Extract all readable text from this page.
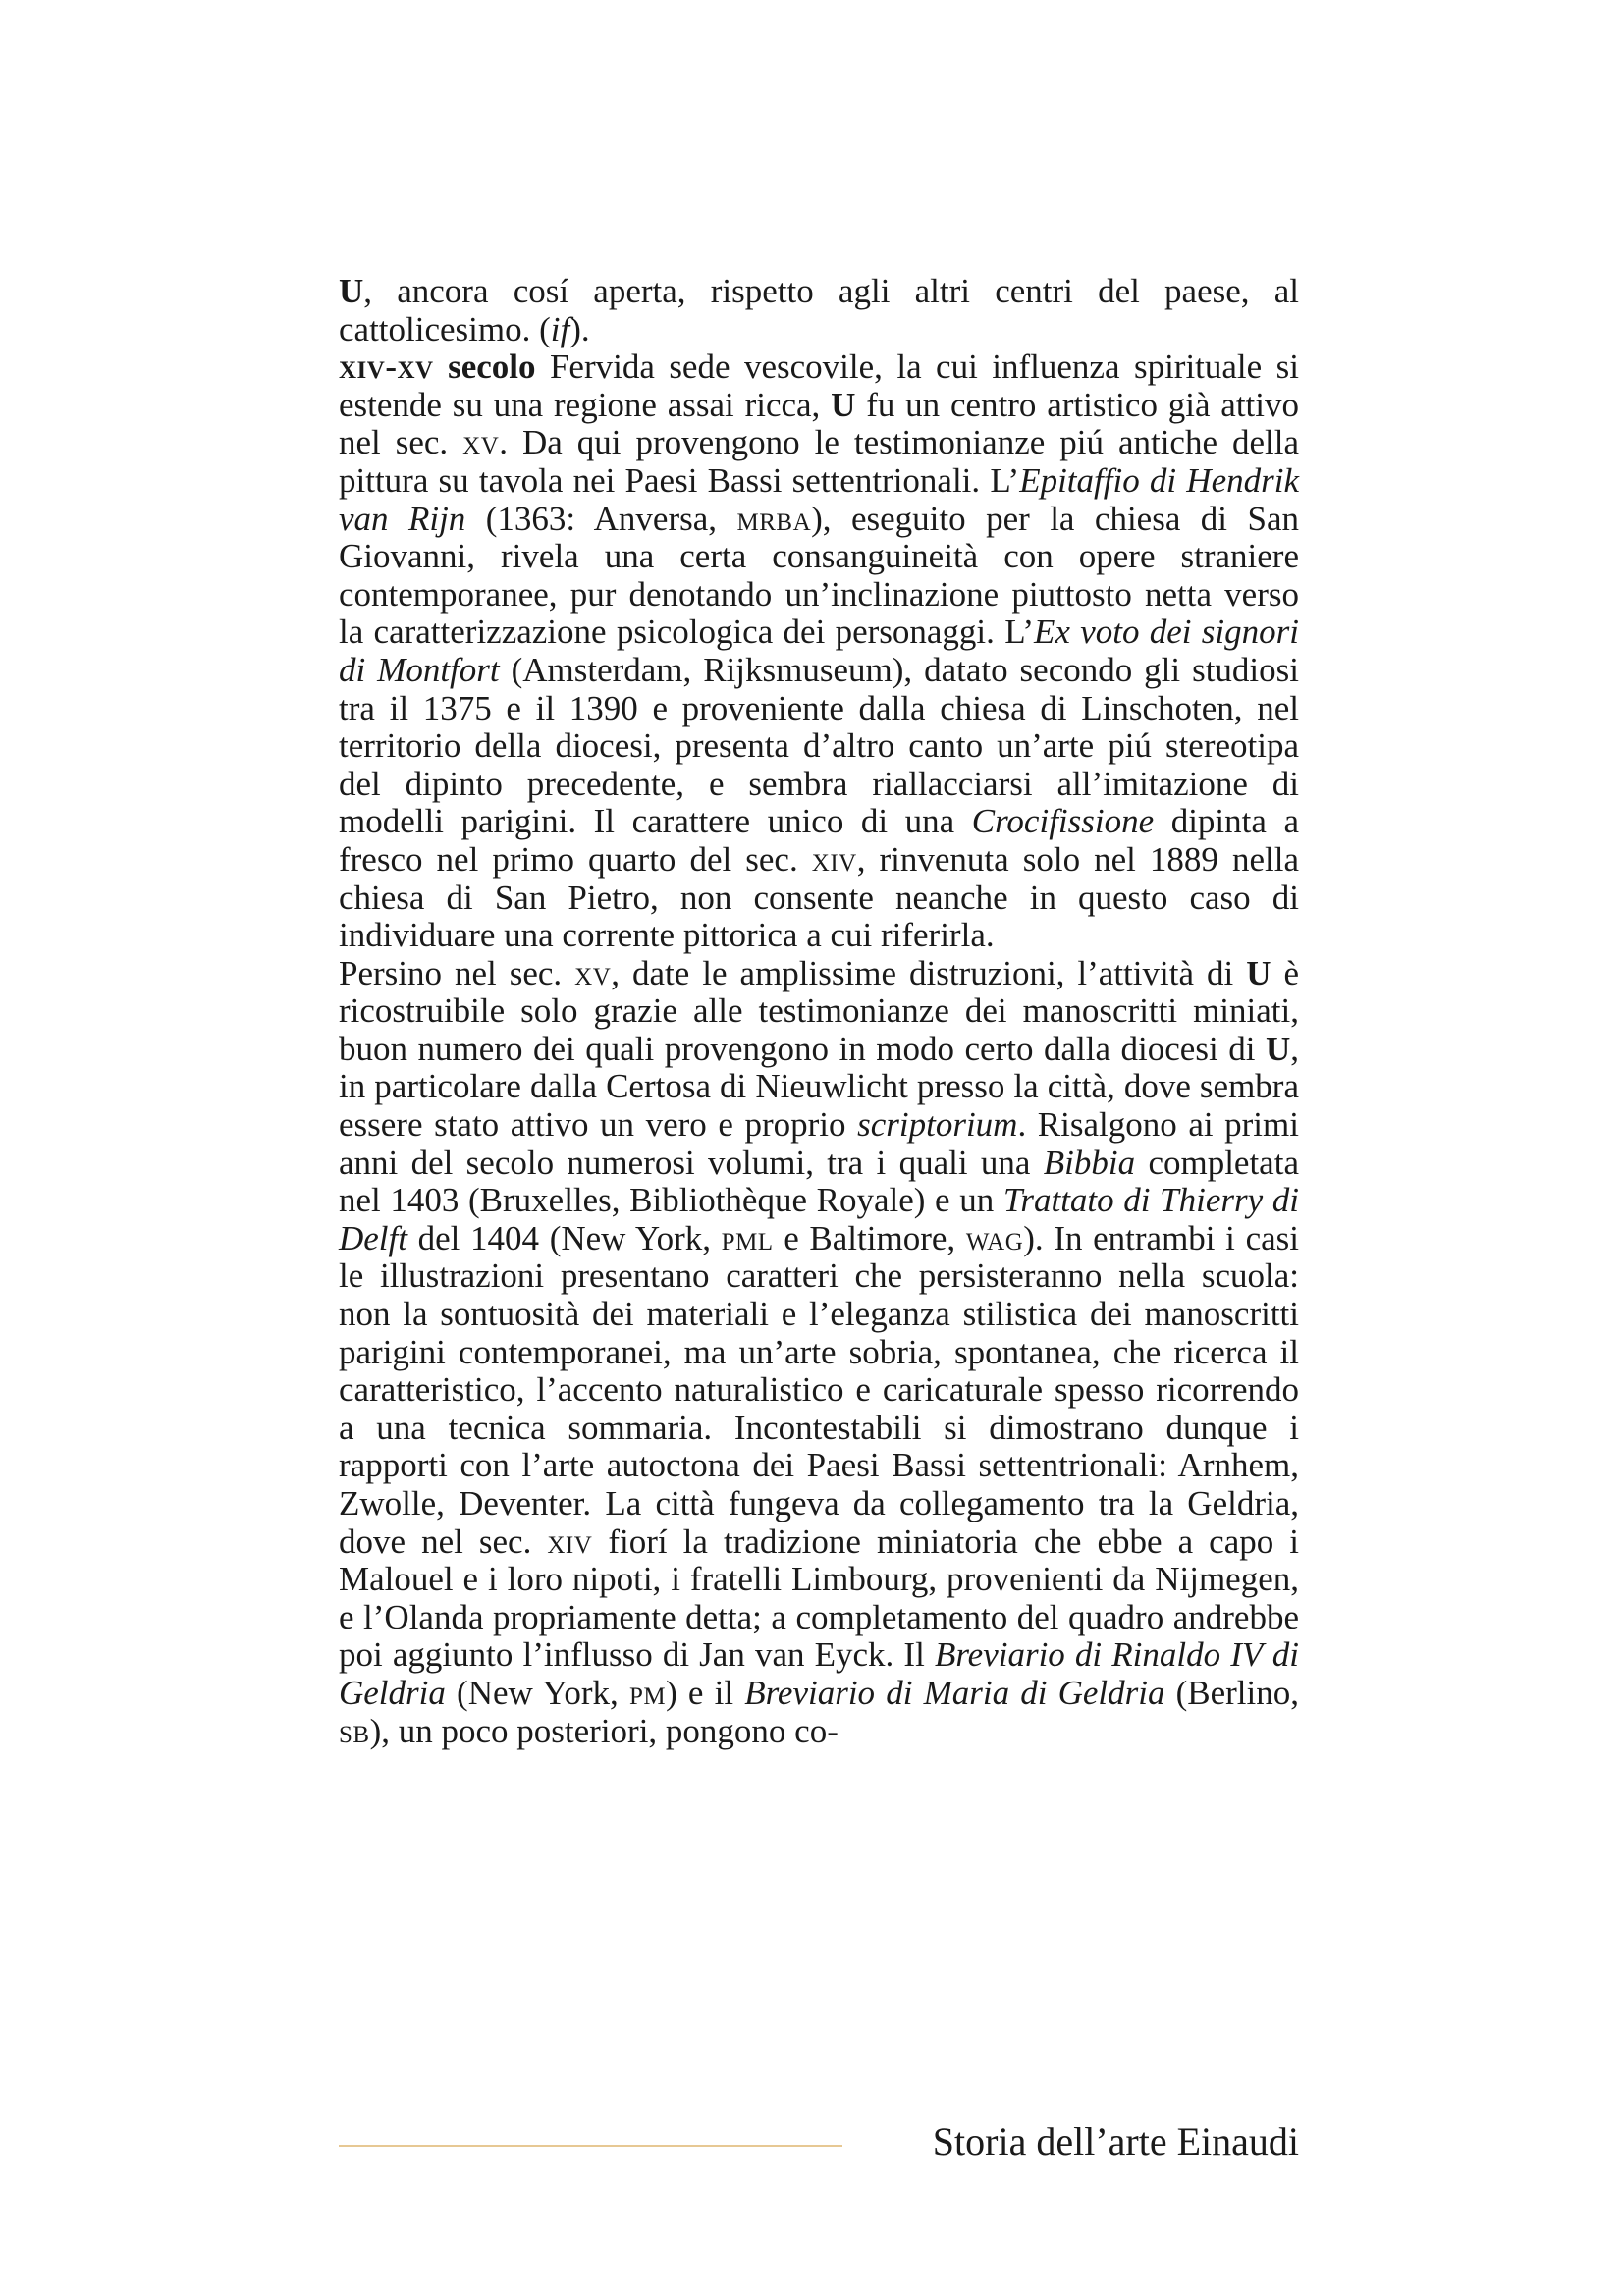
U, ancora cosí aperta, rispetto agli altri centri del paese, al cattolicesimo. (if).

xiv-xv secolo Fervida sede vescovile, la cui influenza spirituale si estende su una regione assai ricca, U fu un centro artistico già attivo nel sec. xv. Da qui provengono le testimonianze piú antiche della pittura su tavola nei Paesi Bassi settentrionali. L’Epitaffio di Hendrik van Rijn (1363: Anversa, mrba), eseguito per la chiesa di San Giovanni, rivela una certa consanguineità con opere straniere contemporanee, pur denotando un’inclinazione piuttosto netta verso la caratterizzazione psicologica dei personaggi. L’Ex voto dei signori di Montfort (Amsterdam, Rijksmuseum), datato secondo gli studiosi tra il 1375 e il 1390 e proveniente dalla chiesa di Linschoten, nel territorio della diocesi, presenta d’altro canto un’arte piú stereotipa del dipinto precedente, e sembra riallacciarsi all’imitazione di modelli parigini. Il carattere unico di una Crocifissione dipinta a fresco nel primo quarto del sec. xiv, rinvenuta solo nel 1889 nella chiesa di San Pietro, non consente neanche in questo caso di individuare una corrente pittorica a cui riferirla.

Persino nel sec. xv, date le amplissime distruzioni, l’attività di U è ricostruibile solo grazie alle testimonianze dei manoscritti miniati, buon numero dei quali provengono in modo certo dalla diocesi di U, in particolare dalla Certosa di Nieuwlicht presso la città, dove sembra essere stato attivo un vero e proprio scriptorium. Risalgono ai primi anni del secolo numerosi volumi, tra i quali una Bibbia completata nel 1403 (Bruxelles, Bibliothèque Royale) e un Trattato di Thierry di Delft del 1404 (New York, pml e Baltimore, wag). In entrambi i casi le illustrazioni presentano caratteri che persisteranno nella scuola: non la sontuosità dei materiali e l’eleganza stilistica dei manoscritti parigini contemporanei, ma un’arte sobria, spontanea, che ricerca il caratteristico, l’accento naturalistico e caricaturale spesso ricorrendo a una tecnica sommaria. Incontestabili si dimostrano dunque i rapporti con l’arte autoctona dei Paesi Bassi settentrionali: Arnhem, Zwolle, Deventer. La città fungeva da collegamento tra la Geldria, dove nel sec. xiv fiorí la tradizione miniatoria che ebbe a capo i Malouel e i loro nipoti, i fratelli Limbourg, provenienti da Nijmegen, e l’Olanda propriamente detta; a completamento del quadro andrebbe poi aggiunto l’influsso di Jan van Eyck. Il Breviario di Rinaldo IV di Geldria (New York, pm) e il Breviario di Maria di Geldria (Berlino, sb), un poco posteriori, pongono co-

Storia dell’arte Einaudi
